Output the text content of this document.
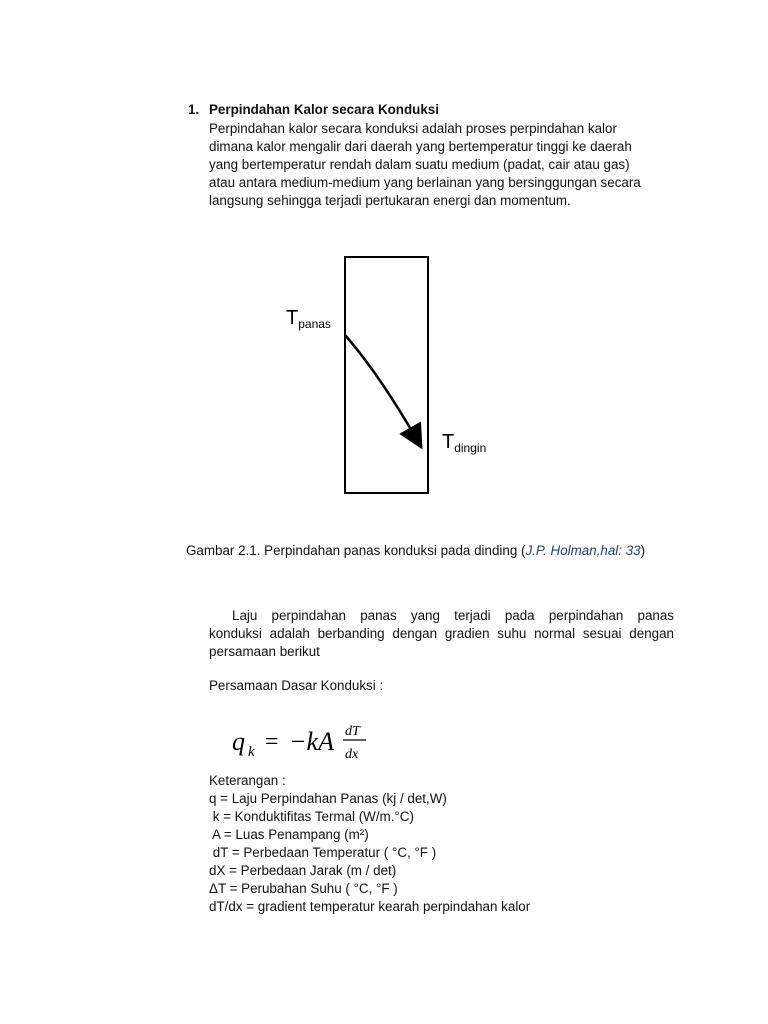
1. Perpindahan Kalor secara Konduksi
Perpindahan kalor secara konduksi adalah proses perpindahan kalor
dimana kalor mengalir dari daerah yang bertemperatur tinggi ke daerah
yang bertemperatur rendah dalam suatu medium (padat, cair atau gas)
atau antara medium-medium yang berlainan yang bersinggungan secara
langsung sehingga terjadi pertukaran energi dan momentum.
$T_{panas}$
$T_{dingin}$
Gambar 2.1. Perpindahan panas konduksi pada dinding (J.P. Holman,hal: 33)
Laju perpindahan panas yang terjadi pada perpindahan panas
konduksi adalah berbanding dengan gradien suhu normal sesuai dengan
persamaan berikut
Persamaan Dasar Konduksi :
q k = −kA dT
dx
Keterangan :
q = Laju Perpindahan Panas (kj / det,W)
k = Konduktifitas Termal (W/m.°C)
A = Luas Penampang (m²)
dT = Perbedaan Temperatur ( °C, °F )
dX = Perbedaan Jarak (m / det)
ΔT = Perubahan Suhu ( °C, °F )
dT/dx = gradient temperatur kearah perpindahan kalor
